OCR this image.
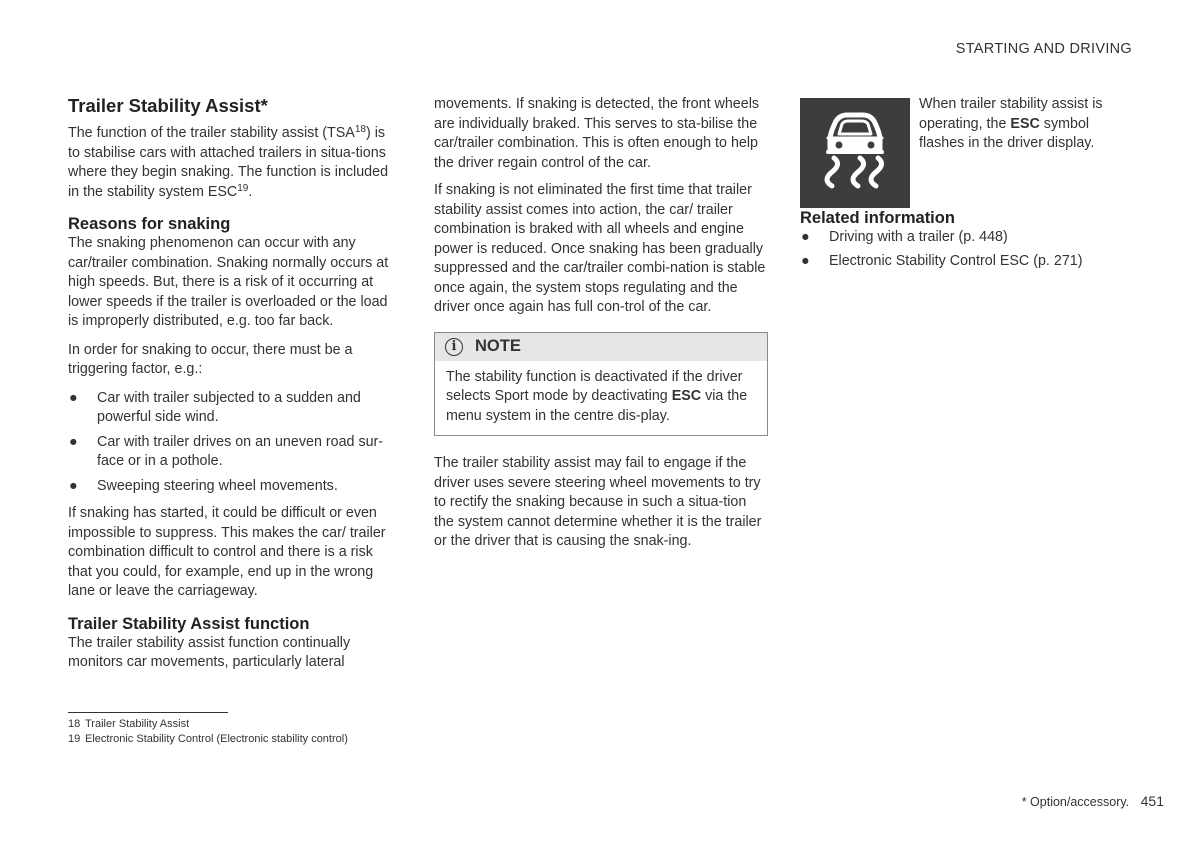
STARTING AND DRIVING
Trailer Stability Assist*

The function of the trailer stability assist (TSA$^{18}$) is to stabilise cars with attached trailers in situa-tions where they begin snaking. The function is included in the stability system ESC$^{19}$.

Reasons for snaking

The snaking phenomenon can occur with any car/trailer combination. Snaking normally occurs at high speeds. But, there is a risk of it occurring at lower speeds if the trailer is overloaded or the load is improperly distributed, e.g. too far back.

In order for snaking to occur, there must be a triggering factor, e.g.:

● Car with trailer subjected to a sudden and powerful side wind.
● Car with trailer drives on an uneven road sur-face or in a pothole.
● Sweeping steering wheel movements.

If snaking has started, it could be difficult or even impossible to suppress. This makes the car/ trailer combination difficult to control and there is a risk that you could, for example, end up in the wrong lane or leave the carriageway.

Trailer Stability Assist function

The trailer stability assist function continually monitors car movements, particularly lateral

movements. If snaking is detected, the front wheels are individually braked. This serves to sta-bilise the car/trailer combination. This is often enough to help the driver regain control of the car.

If snaking is not eliminated the first time that trailer stability assist comes into action, the car/ trailer combination is braked with all wheels and engine power is reduced. Once snaking has been gradually suppressed and the car/trailer combi-nation is stable once again, the system stops regulating and the driver once again has full con-trol of the car.

i	NOTE
The stability function is deactivated if the driver selects Sport mode by deactivating ESC via the menu system in the centre dis-play.

The trailer stability assist may fail to engage if the driver uses severe steering wheel movements to try to rectify the snaking because in such a situa-tion the system cannot determine whether it is the trailer or the driver that is causing the snak-ing.

When trailer stability assist is operating, the ESC symbol flashes in the driver display.

Related information
● Driving with a trailer (p. 448)
● Electronic Stability Control ESC (p. 271)
18 Trailer Stability Assist
19 Electronic Stability Control (Electronic stability control)
* Option/accessory. 451
